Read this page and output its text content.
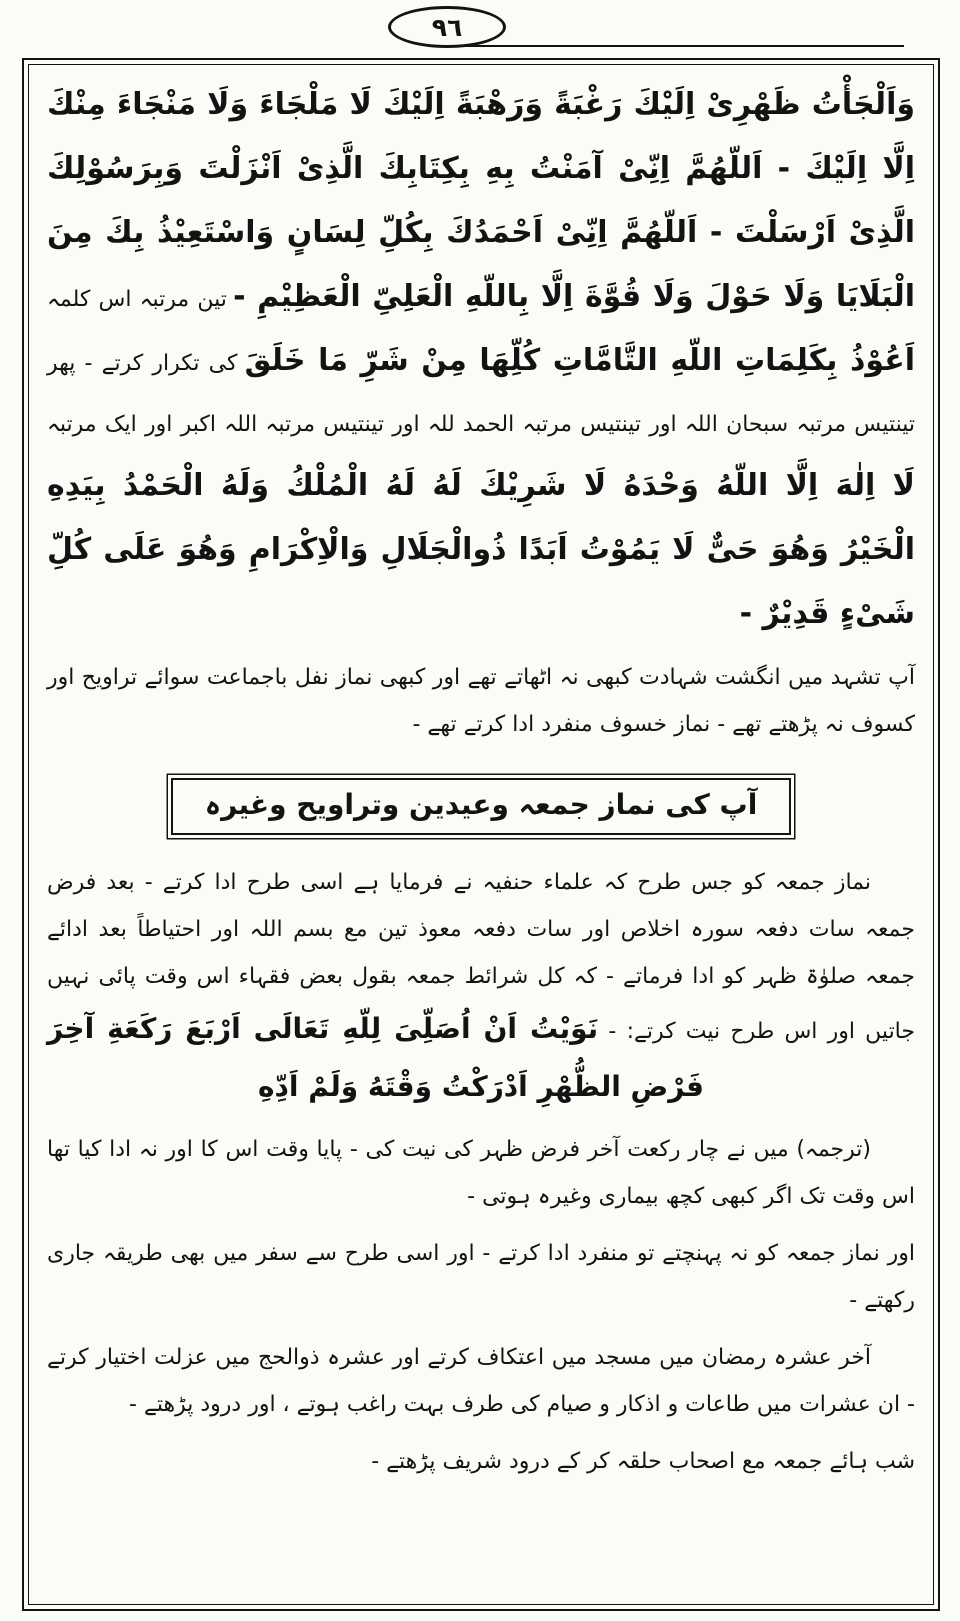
٩٦

وَاَلْجَأْتُ ظَهْرِىْ اِلَيْكَ رَغْبَةً وَرَهْبَةً اِلَيْكَ لَا مَلْجَاءَ وَلَا مَنْجَاءَ مِنْكَ اِلَّا اِلَيْكَ - اَللّهُمَّ اِنِّىْ آمَنْتُ بِهِ بِكِتَابِكَ الَّذِىْ اَنْزَلْتَ وَبِرَسُوْلِكَ الَّذِىْ اَرْسَلْتَ - اَللّهُمَّ اِنِّىْ اَحْمَدُكَ بِكُلِّ لِسَانٍ وَاسْتَعِيْذُ بِكَ مِنَ الْبَلَايَا وَلَا حَوْلَ وَلَا قُوَّةَ اِلَّا بِاللّهِ الْعَلِىِّ الْعَظِيْمِ - تین مرتبہ اس کلمہ اَعُوْذُ بِكَلِمَاتِ اللّهِ التَّامَّاتِ كُلِّهَا مِنْ شَرِّ مَا خَلَقَ کی تکرار کرتے - پھر تینتیس مرتبہ سبحان اللہ اور تینتیس مرتبہ الحمد للہ اور تینتیس مرتبہ اللہ اکبر اور ایک مرتبہ لَا اِلٰهَ اِلَّا اللّهُ وَحْدَهُ لَا شَرِيْكَ لَهُ لَهُ الْمُلْكُ وَلَهُ الْحَمْدُ بِيَدِهِ الْخَيْرُ وَهُوَ حَىٌّ لَا يَمُوْتُ اَبَدًا ذُوالْجَلَالِ وَالْاِكْرَامِ وَهُوَ عَلَى كُلِّ شَىْءٍ قَدِيْرٌ -

آپ تشہد میں انگشت شہادت کبھی نہ اٹھاتے تھے اور کبھی نماز نفل باجماعت سوائے تراویح اور کسوف نہ پڑھتے تھے - نماز خسوف منفرد ادا کرتے تھے -

آپ کی نماز جمعہ وعیدین وتراویح وغیرہ

نماز جمعہ کو جس طرح کہ علماء حنفیہ نے فرمایا ہے اسی طرح ادا کرتے - بعد فرض جمعہ سات دفعہ سورہ اخلاص اور سات دفعہ معوذ تین مع بسم اللہ اور احتیاطاً بعد ادائے جمعہ صلوٰۃ ظہر کو ادا فرماتے - کہ کل شرائط جمعہ بقول بعض فقہاء اس وقت پائی نہیں جاتیں اور اس طرح نیت کرتے: - نَوَيْتُ اَنْ اُصَلِّىَ لِلّهِ تَعَالَى اَرْبَعَ رَكَعَةِ آخِرَ فَرْضِ الظُّهْرِ اَدْرَكْتُ وَقْتَهُ وَلَمْ اَدِّهِ

(ترجمہ) میں نے چار رکعت آخر فرض ظہر کی نیت کی - پایا وقت اس کا اور نہ ادا کیا تھا اس وقت تک اگر کبھی کچھ بیماری وغیرہ ہوتی -

اور نماز جمعہ کو نہ پہنچتے تو منفرد ادا کرتے - اور اسی طرح سے سفر میں بھی طریقہ جاری رکھتے -

آخر عشرہ رمضان میں مسجد میں اعتکاف کرتے اور عشرہ ذوالحج میں عزلت اختیار کرتے - ان عشرات میں طاعات و اذکار و صیام کی طرف بہت راغب ہوتے ، اور درود پڑھتے -

شب ہائے جمعہ مع اصحاب حلقہ کر کے درود شریف پڑھتے -
